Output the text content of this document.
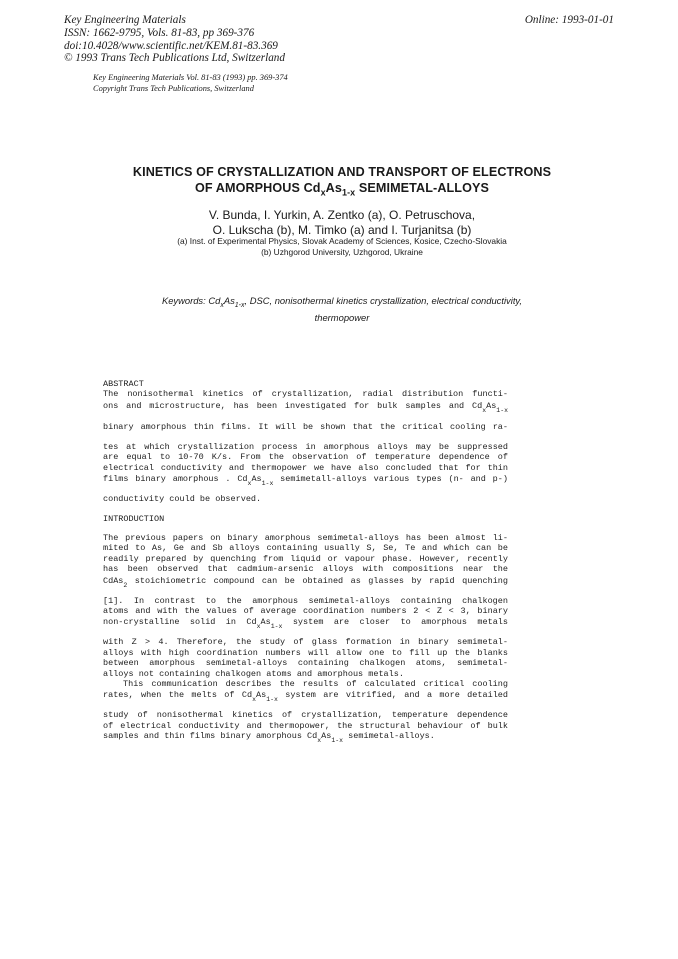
Key Engineering Materials
ISSN: 1662-9795, Vols. 81-83, pp 369-376
doi:10.4028/www.scientific.net/KEM.81-83.369
© 1993 Trans Tech Publications Ltd, Switzerland
Online: 1993-01-01
Key Engineering Materials Vol. 81-83 (1993) pp. 369-374
Copyright Trans Tech Publications, Switzerland
KINETICS OF CRYSTALLIZATION AND TRANSPORT OF ELECTRONS
OF AMORPHOUS $Cd_xAs_{1-x}$ SEMIMETAL-ALLOYS
V. Bunda, I. Yurkin, A. Zentko (a), O. Petruschova,
O. Lukscha (b), M. Timko (a) and I. Turjanitsa (b)
(a) Inst. of Experimental Physics, Slovak Academy of Sciences, Kosice, Czecho-Slovakia
(b) Uzhgorod University, Uzhgorod, Ukraine
Keywords: $Cd_xAs_{1-x}$, DSC, nonisothermal kinetics crystallization, electrical conductivity,
thermopower
ABSTRACT
The nonisothermal kinetics of crystallization, radial distribution functi-
ons and microstructure, has been investigated for bulk samples and $Cd_xAs_{1-x}$
binary amorphous thin films. It will be shown that the critical cooling ra-
tes at which crystallization process in amorphous alloys may be suppressed
are equal to 10-70 K/s. From the observation of temperature dependence of
electrical conductivity and thermopower we have also concluded that for thin
films binary amorphous . $Cd_xAs_{1-x}$ semimetall-alloys various types (n- and p-)
conductivity could be observed.
INTRODUCTION
The previous papers on binary amorphous semimetal-alloys has been almost li-
mited to As, Ge and Sb alloys containing usually S, Se, Te and which can be
readily prepared by quenching from liquid or vapour phase. However, recently
has been observed that cadmium-arsenic alloys with compositions near the
CdAs$_2$ stoichiometric compound can be obtained as glasses by rapid quenching
[1]. In contrast to the amorphous semimetal-alloys containing chalkogen
atoms and with the values of average coordination numbers 2 < Z < 3, binary
non-crystalline solid in $Cd_xAs_{1-x}$ system are closer to amorphous metals
with Z > 4. Therefore, the study of glass formation in binary semimetal-
alloys with high coordination numbers will allow one to fill up the blanks
between amorphous semimetal-alloys containing chalkogen atoms, semimetal-
alloys not containing chalkogen atoms and amorphous metals.
This communication describes the results of calculated critical cooling
rates, when the melts of $Cd_xAs_{1-x}$ system are vitrified, and a more detailed
study of nonisothermal kinetics of crystallization, temperature dependence
of electrical conductivity and thermopower, the structural behaviour of bulk
samples and thin films binary amorphous $Cd_xAs_{1-x}$ semimetal-alloys.
